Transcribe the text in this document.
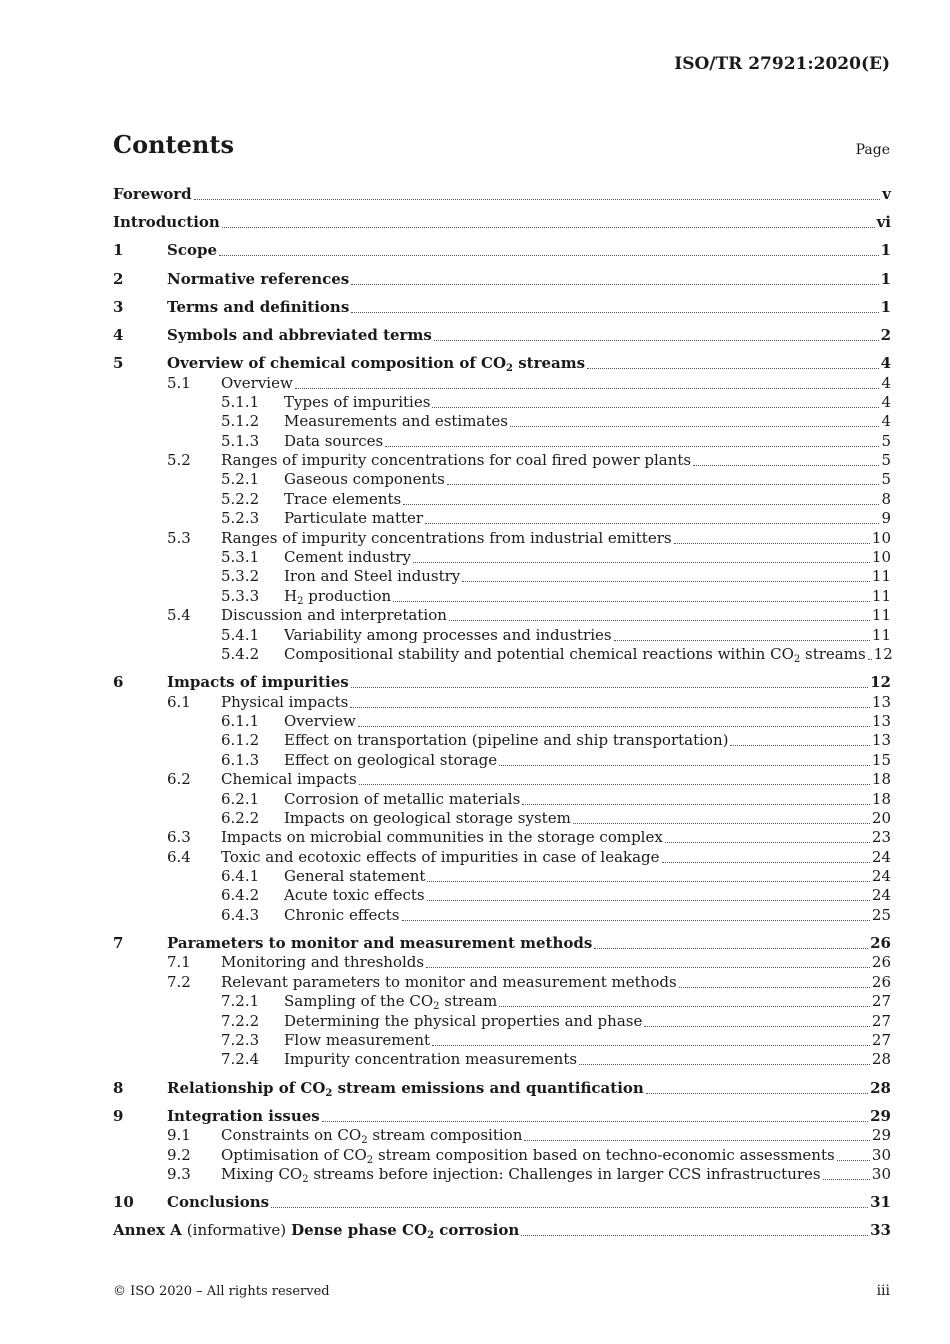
ISO/TR 27921:2020(E)
Contents	Page
Foreword	v
Introduction	vi
1	Scope	1
2	Normative references	1
3	Terms and definitions	1
4	Symbols and abbreviated terms	2
5	Overview of chemical composition of $CO_2$ streams	4
5.1	Overview	4
5.1.1	Types of impurities	4
5.1.2	Measurements and estimates	4
5.1.3	Data sources	5
5.2	Ranges of impurity concentrations for coal fired power plants	5
5.2.1	Gaseous components	5
5.2.2	Trace elements	8
5.2.3	Particulate matter	9
5.3	Ranges of impurity concentrations from industrial emitters	10
5.3.1	Cement industry	10
5.3.2	Iron and Steel industry	11
5.3.3	$H_2$ production	11
5.4	Discussion and interpretation	11
5.4.1	Variability among processes and industries	11
5.4.2	Compositional stability and potential chemical reactions within $CO_2$ streams 12
6	Impacts of impurities	12
6.1	Physical impacts	13
6.1.1	Overview	13
6.1.2	Effect on transportation (pipeline and ship transportation)	13
6.1.3	Effect on geological storage	15
6.2	Chemical impacts	18
6.2.1	Corrosion of metallic materials	18
6.2.2	Impacts on geological storage system	20
6.3	Impacts on microbial communities in the storage complex	23
6.4	Toxic and ecotoxic effects of impurities in case of leakage	24
6.4.1	General statement	24
6.4.2	Acute toxic effects	24
6.4.3	Chronic effects	25
7	Parameters to monitor and measurement methods	26
7.1	Monitoring and thresholds	26
7.2	Relevant parameters to monitor and measurement methods	26
7.2.1	Sampling of the $CO_2$ stream	27
7.2.2	Determining the physical properties and phase	27
7.2.3	Flow measurement	27
7.2.4	Impurity concentration measurements	28
8	Relationship of $CO_2$ stream emissions and quantification	28
9	Integration issues	29
9.1	Constraints on $CO_2$ stream composition	29
9.2	Optimisation of $CO_2$ stream composition based on techno-economic assessments 30
9.3	Mixing $CO_2$ streams before injection: Challenges in larger CCS infrastructures	30
10	Conclusions	31
Annex A (informative) Dense phase $CO_2$ corrosion	33
© ISO 2020 – All rights reserved	iii
